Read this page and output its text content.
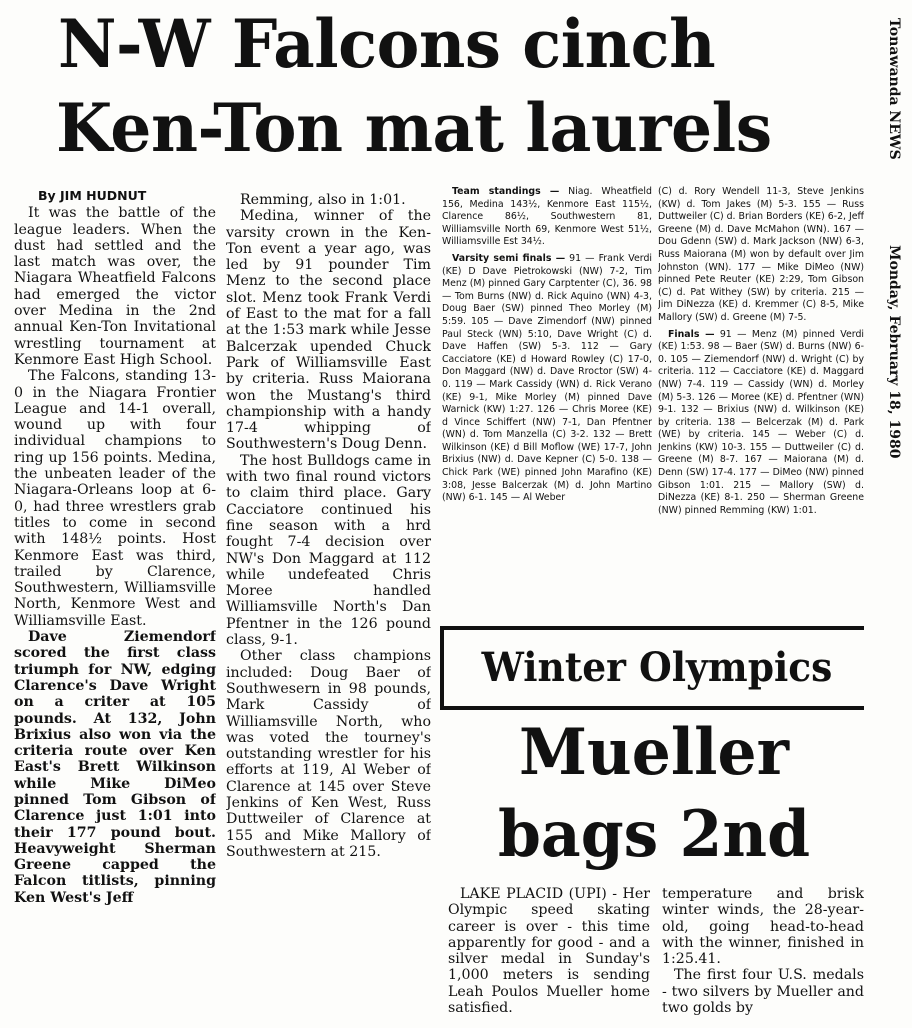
N-W Falcons cinch
Ken-Ton mat laurels	Tonawanda NEWS
Monday, February 18, 1980
By JIM HUDNUT

It was the battle of the league leaders. When the dust had settled and the last match was over, the Niagara Wheatfield Falcons had emerged the victor over Medina in the 2nd annual Ken-Ton Invitational wrestling tournament at Kenmore East High School.

The Falcons, standing 13-0 in the Niagara Frontier League and 14-1 overall, wound up with four individual champions to ring up 156 points. Medina, the unbeaten leader of the Niagara-Orleans loop at 6-0, had three wrestlers grab titles to come in second with 148½ points. Host Kenmore East was third, trailed by Clarence, Southwestern, Williamsville North, Kenmore West and Williamsville East.

Dave Ziemendorf scored the first class triumph for NW, edging Clarence's Dave Wright on a criter at 105 pounds. At 132, John Brixius also won via the criteria route over Ken East's Brett Wilkinson while Mike DiMeo pinned Tom Gibson of Clarence just 1:01 into their 177 pound bout. Heavyweight Sherman Greene capped the Falcon titlists, pinning Ken West's Jeff

Remming, also in 1:01.

Medina, winner of the varsity crown in the Ken-Ton event a year ago, was led by 91 pounder Tim Menz to the second place slot. Menz took Frank Verdi of East to the mat for a fall at the 1:53 mark while Jesse Balcerzak upended Chuck Park of Williamsville East by criteria. Russ Maiorana won the Mustang's third championship with a handy 17-4 whipping of Southwestern's Doug Denn.

The host Bulldogs came in with two final round victors to claim third place. Gary Cacciatore continued his fine season with a hrd fought 7-4 decision over NW's Don Maggard at 112 while undefeated Chris Moree handled Williamsville North's Dan Pfentner in the 126 pound class, 9-1.

Other class champions included: Doug Baer of Southwesern in 98 pounds, Mark Cassidy of Williamsville North, who was voted the tourney's outstanding wrestler for his efforts at 119, Al Weber of Clarence at 145 over Steve Jenkins of Ken West, Russ Duttweiler of Clarence at 155 and Mike Mallory of Southwestern at 215.

Team standings — Niag. Wheatfield 156, Medina 143½, Kenmore East 115½, Clarence 86½, Southwestern 81, Williamsville North 69, Kenmore West 51½, Williamsville Est 34½.

Varsity semi finals — 91 — Frank Verdi (KE) D Dave Pietrokowski (NW) 7-2, Tim Menz (M) pinned Gary Carptenter (C), 36. 98 — Tom Burns (NW) d. Rick Aquino (WN) 4-3, Doug Baer (SW) pinned Theo Morley (M) 5:59. 105 — Dave Zimendorf (NW) pinned Paul Steck (WN) 5:10, Dave Wright (C) d. Dave Haffen (SW) 5-3. 112 — Gary Cacciatore (KE) d Howard Rowley (C) 17-0, Don Maggard (NW) d. Dave Rroctor (SW) 4-0. 119 — Mark Cassidy (WN) d. Rick Verano (KE) 9-1, Mike Morley (M) pinned Dave Warnick (KW) 1:27. 126 — Chris Moree (KE) d Vince Schiffert (NW) 7-1, Dan Pfentner (WN) d. Tom Manzella (C) 3-2. 132 — Brett Wilkinson (KE) d Bill Moflow (WE) 17-7, John Brixius (NW) d. Dave Kepner (C) 5-0. 138 — Chick Park (WE) pinned John Marafino (KE) 3:08, Jesse Balcerzak (M) d. John Martino (NW) 6-1. 145 — Al Weber

(C) d. Rory Wendell 11-3, Steve Jenkins (KW) d. Tom Jakes (M) 5-3. 155 — Russ Duttweiler (C) d. Brian Borders (KE) 6-2, Jeff Greene (M) d. Dave McMahon (WN). 167 — Dou Gdenn (SW) d. Mark Jackson (NW) 6-3, Russ Maiorana (M) won by default over Jim Johnston (WN). 177 — Mike DiMeo (NW) pinned Pete Reuter (KE) 2:29, Tom Gibson (C) d. Pat Withey (SW) by criteria. 215 — Jim DiNezza (KE) d. Kremmer (C) 8-5, Mike Mallory (SW) d. Greene (M) 7-5.

Finals — 91 — Menz (M) pinned Verdi (KE) 1:53. 98 — Baer (SW) d. Burns (NW) 6-0. 105 — Ziemendorf (NW) d. Wright (C) by criteria. 112 — Cacciatore (KE) d. Maggard (NW) 7-4. 119 — Cassidy (WN) d. Morley (M) 5-3. 126 — Moree (KE) d. Pfentner (WN) 9-1. 132 — Brixius (NW) d. Wilkinson (KE) by criteria. 138 — Belcerzak (M) d. Park (WE) by criteria. 145 — Weber (C) d. Jenkins (KW) 10-3. 155 — Duttweiler (C) d. Greene (M) 8-7. 167 — Maiorana (M) d. Denn (SW) 17-4. 177 — DiMeo (NW) pinned Gibson 1:01. 215 — Mallory (SW) d. DiNezza (KE) 8-1. 250 — Sherman Greene (NW) pinned Remming (KW) 1:01.

Winter Olympics
Mueller
bags 2nd

LAKE PLACID (UPI) - Her Olympic speed skating career is over - this time apparently for good - and a silver medal in Sunday's 1,000 meters is sending Leah Poulos Mueller home satisfied.

temperature and brisk winter winds, the 28-year-old, going head-to-head with the winner, finished in 1:25.41.

The first four U.S. medals - two silvers by Mueller and two golds by
